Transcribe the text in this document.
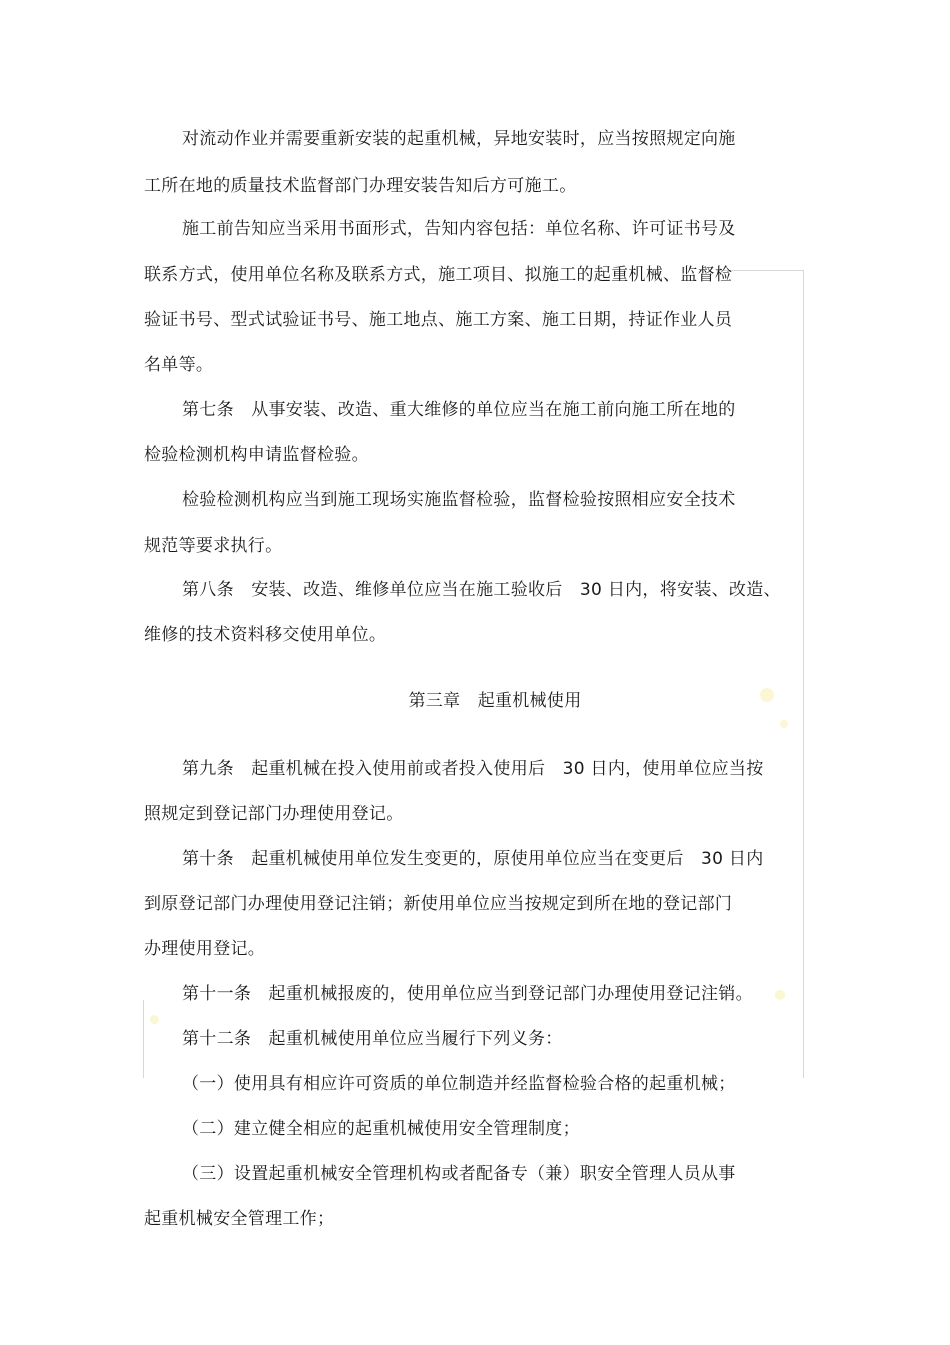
对流动作业并需要重新安装的起重机械，异地安装时，应当按照规定向施
工所在地的质量技术监督部门办理安装告知后方可施工。
施工前告知应当采用书面形式，告知内容包括：单位名称、许可证书号及
联系方式，使用单位名称及联系方式，施工项目、拟施工的起重机械、监督检
验证书号、型式试验证书号、施工地点、施工方案、施工日期，持证作业人员
名单等。
第七条　从事安装、改造、重大维修的单位应当在施工前向施工所在地的
检验检测机构申请监督检验。
检验检测机构应当到施工现场实施监督检验，监督检验按照相应安全技术
规范等要求执行。
第八条　安装、改造、维修单位应当在施工验收后　30 日内，将安装、改造、
维修的技术资料移交使用单位。
第三章　起重机械使用
第九条　起重机械在投入使用前或者投入使用后　30 日内，使用单位应当按
照规定到登记部门办理使用登记。
第十条　起重机械使用单位发生变更的，原使用单位应当在变更后　30 日内
到原登记部门办理使用登记注销；新使用单位应当按规定到所在地的登记部门
办理使用登记。
第十一条　起重机械报废的，使用单位应当到登记部门办理使用登记注销。
第十二条　起重机械使用单位应当履行下列义务：
（一）使用具有相应许可资质的单位制造并经监督检验合格的起重机械；
（二）建立健全相应的起重机械使用安全管理制度；
（三）设置起重机械安全管理机构或者配备专（兼）职安全管理人员从事
起重机械安全管理工作；
